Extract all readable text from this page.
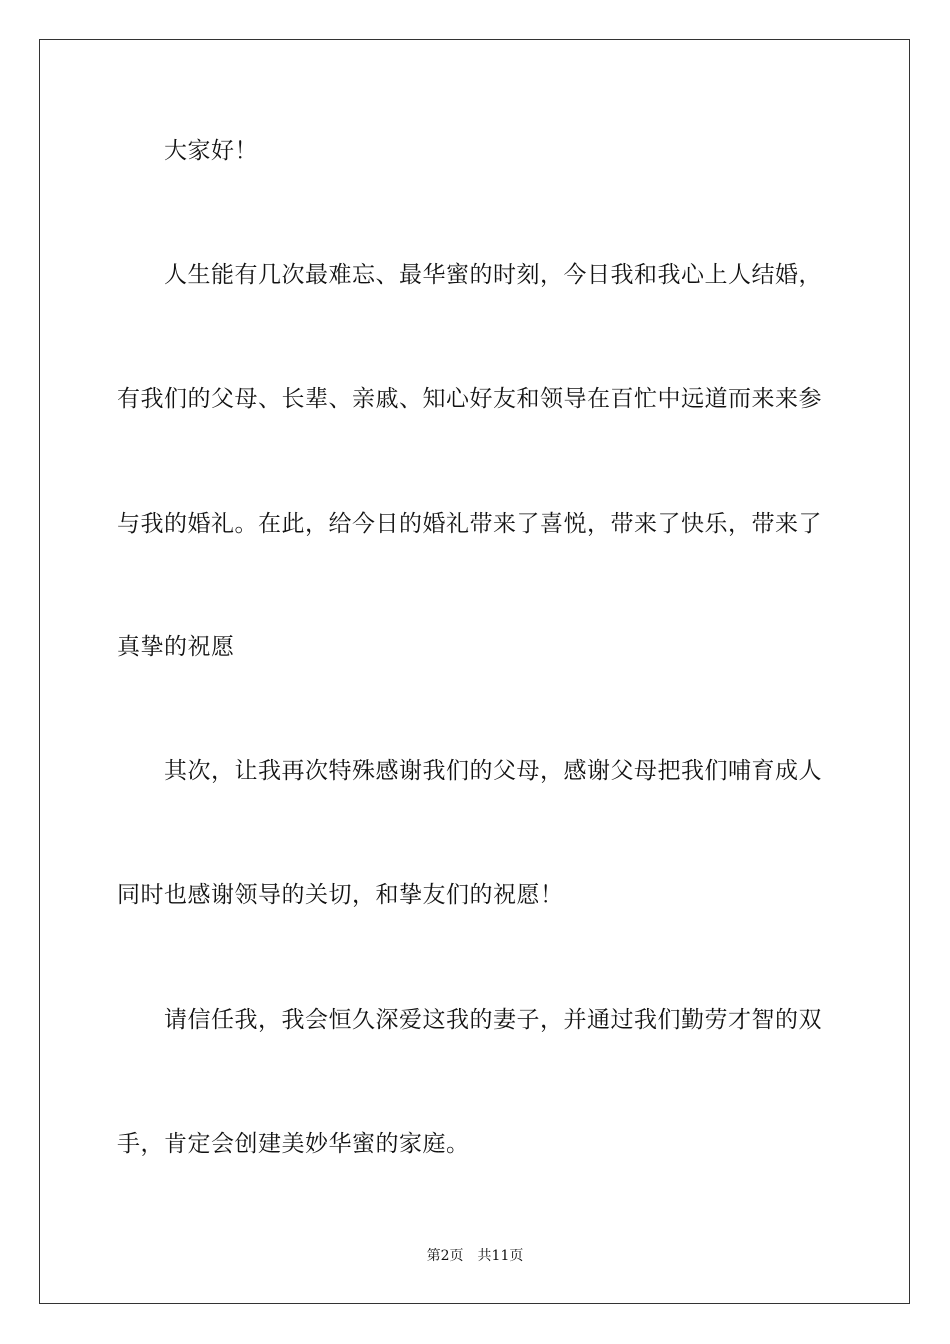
大家好！
人生能有几次最难忘、最华蜜的时刻，今日我和我心上人结婚，
有我们的父母、长辈、亲戚、知心好友和领导在百忙中远道而来来参
与我的婚礼。在此，给今日的婚礼带来了喜悦，带来了快乐，带来了
真挚的祝愿
其次，让我再次特殊感谢我们的父母，感谢父母把我们哺育成人
同时也感谢领导的关切，和挚友们的祝愿！
请信任我，我会恒久深爱这我的妻子，并通过我们勤劳才智的双
手，肯定会创建美妙华蜜的家庭。
第2页 共11页
